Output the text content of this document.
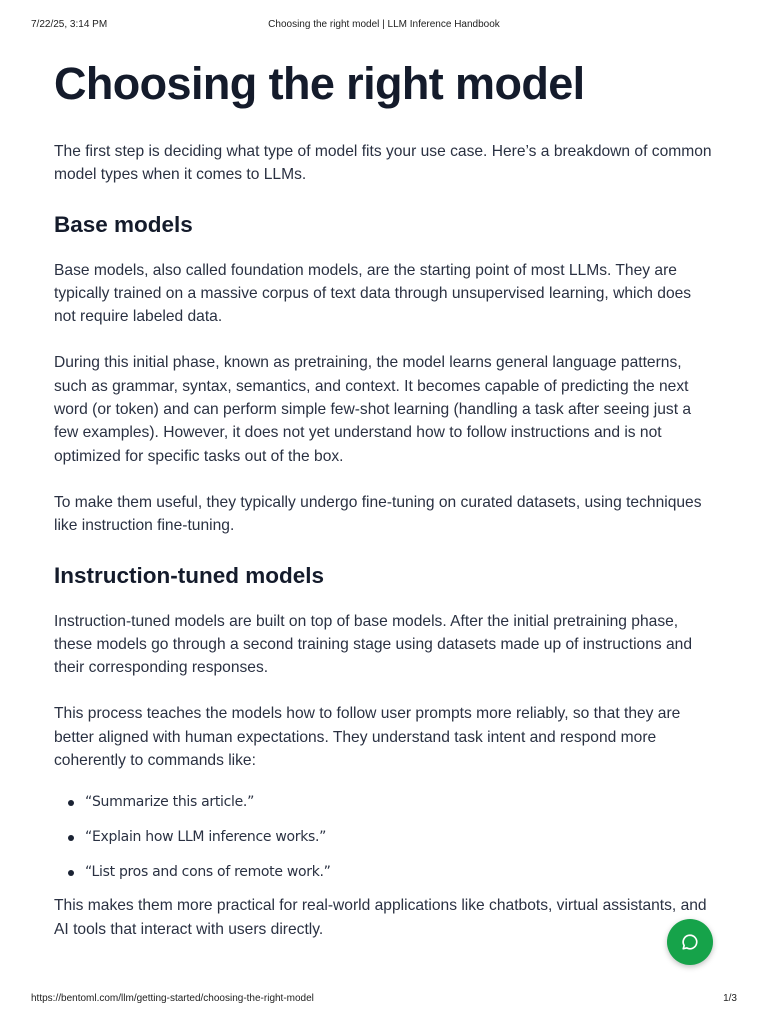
7/22/25, 3:14 PM	Choosing the right model | LLM Inference Handbook
Choosing the right model

The first step is deciding what type of model fits your use case. Here’s a breakdown of common model types when it comes to LLMs.

Base models

Base models, also called foundation models, are the starting point of most LLMs. They are typically trained on a massive corpus of text data through unsupervised learning, which does not require labeled data.

During this initial phase, known as pretraining, the model learns general language patterns, such as grammar, syntax, semantics, and context. It becomes capable of predicting the next word (or token) and can perform simple few-shot learning (handling a task after seeing just a few examples). However, it does not yet understand how to follow instructions and is not optimized for specific tasks out of the box.

To make them useful, they typically undergo fine-tuning on curated datasets, using techniques like instruction fine-tuning.

Instruction-tuned models

Instruction-tuned models are built on top of base models. After the initial pretraining phase, these models go through a second training stage using datasets made up of instructions and their corresponding responses.

This process teaches the models how to follow user prompts more reliably, so that they are better aligned with human expectations. They understand task intent and respond more coherently to commands like:

“Summarize this article.”
“Explain how LLM inference works.”
“List pros and cons of remote work.”

This makes them more practical for real-world applications like chatbots, virtual assistants, and AI tools that interact with users directly.

https://bentoml.com/llm/getting-started/choosing-the-right-model	1/3
